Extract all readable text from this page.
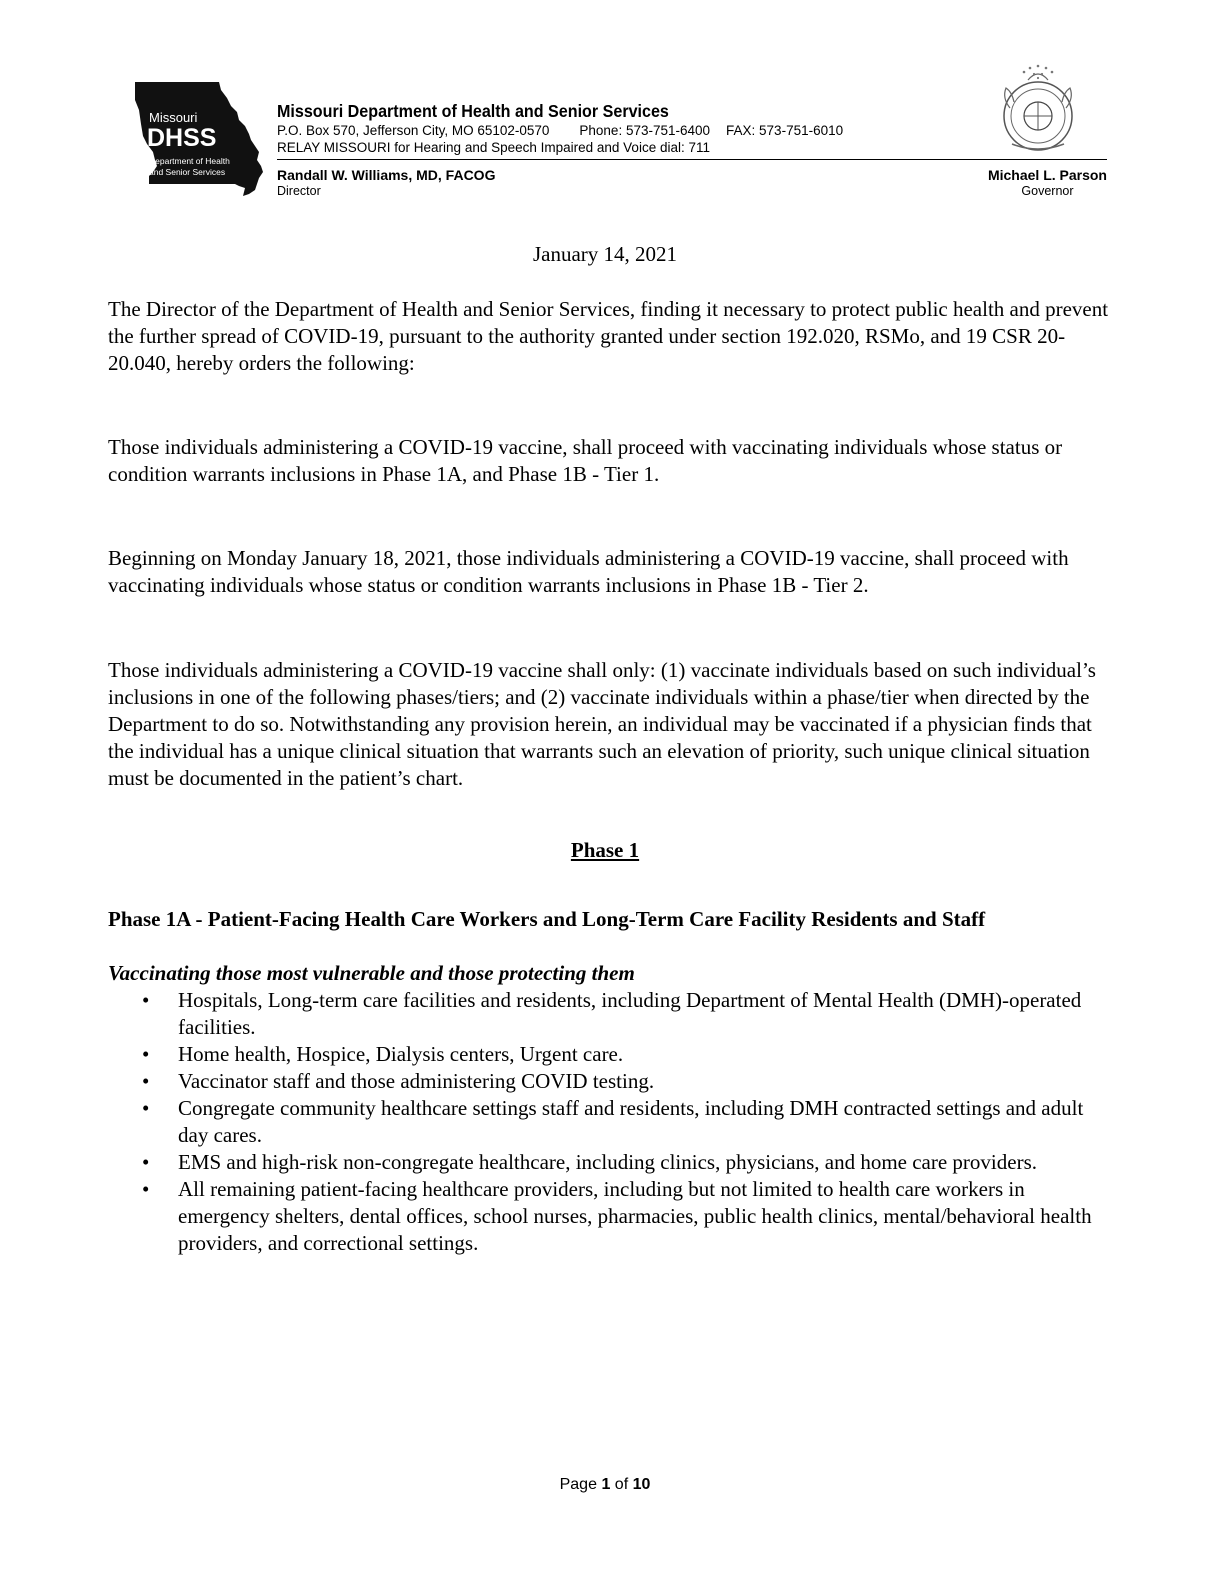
Missouri
DHSS
Department of Health
and Senior Services
Missouri Department of Health and Senior Services
P.O. Box 570, Jefferson City, MO 65102-0570 Phone: 573-751-6400 FAX: 573-751-6010
RELAY MISSOURI for Hearing and Speech Impaired and Voice dial: 711
Randall W. Williams, MD, FACOG
Director
Michael L. Parson
Governor
January 14, 2021

The Director of the Department of Health and Senior Services, finding it necessary to protect public health and prevent the further spread of COVID-19, pursuant to the authority granted under section 192.020, RSMo, and 19 CSR 20-20.040, hereby orders the following:

Those individuals administering a COVID-19 vaccine, shall proceed with vaccinating individuals whose status or condition warrants inclusions in Phase 1A, and Phase 1B - Tier 1.

Beginning on Monday January 18, 2021, those individuals administering a COVID-19 vaccine, shall proceed with vaccinating individuals whose status or condition warrants inclusions in Phase 1B - Tier 2.

Those individuals administering a COVID-19 vaccine shall only: (1) vaccinate individuals based on such individual’s inclusions in one of the following phases/tiers; and (2) vaccinate individuals within a phase/tier when directed by the Department to do so. Notwithstanding any provision herein, an individual may be vaccinated if a physician finds that the individual has a unique clinical situation that warrants such an elevation of priority, such unique clinical situation must be documented in the patient’s chart.

Phase 1
Phase 1A - Patient-Facing Health Care Workers and Long-Term Care Facility Residents and Staff
Vaccinating those most vulnerable and those protecting them
• Hospitals, Long-term care facilities and residents, including Department of Mental Health (DMH)-operated facilities.
• Home health, Hospice, Dialysis centers, Urgent care.
• Vaccinator staff and those administering COVID testing.
• Congregate community healthcare settings staff and residents, including DMH contracted settings and adult day cares.
• EMS and high-risk non-congregate healthcare, including clinics, physicians, and home care providers.
• All remaining patient-facing healthcare providers, including but not limited to health care workers in emergency shelters, dental offices, school nurses, pharmacies, public health clinics, mental/behavioral health providers, and correctional settings.
Page 1 of 10
